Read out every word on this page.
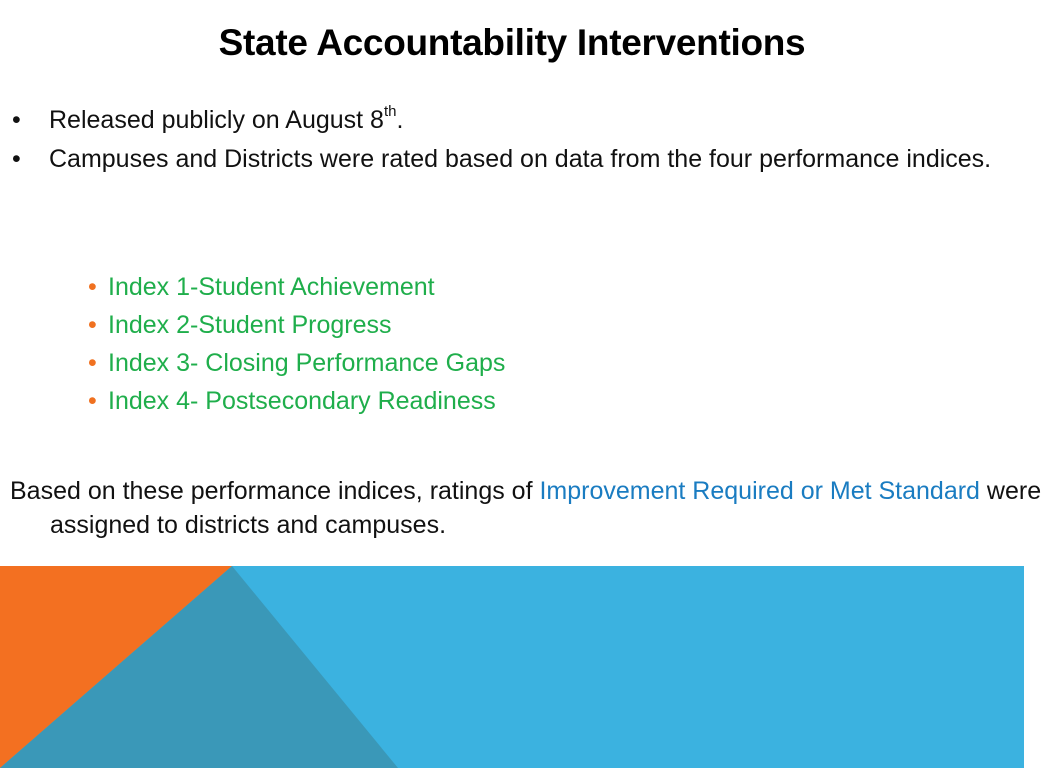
State Accountability Interventions
•	Released publicly on August 8th.
•	Campuses and Districts were rated based on data from the four performance indices.
• Index 1-Student Achievement
• Index 2-Student Progress
• Index 3- Closing Performance Gaps
• Index 4- Postsecondary Readiness

Based on these performance indices, ratings of Improvement Required or Met Standard were assigned to districts and campuses.
